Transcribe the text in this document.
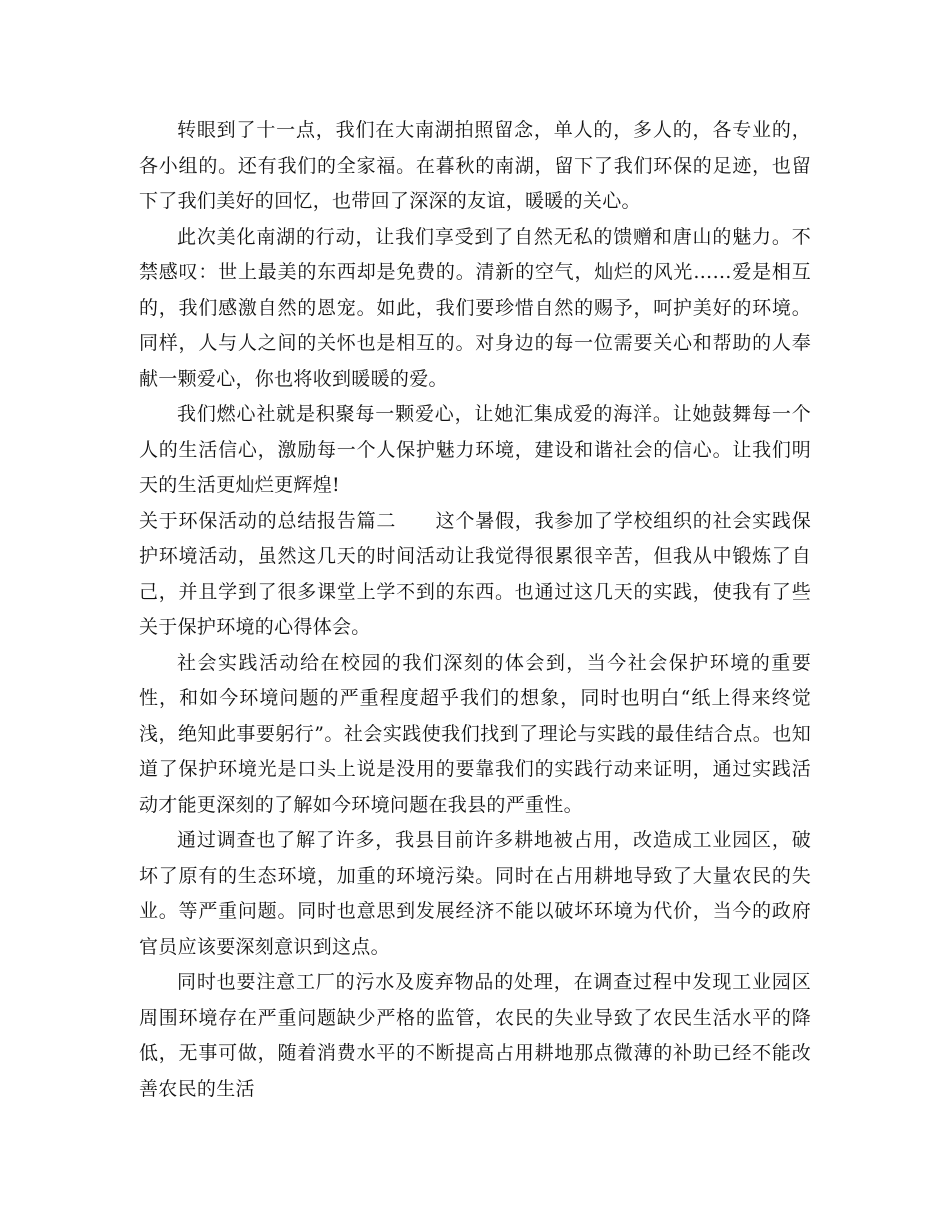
转眼到了十一点，我们在大南湖拍照留念，单人的，多人的，各专业的，各小组的。还有我们的全家福。在暮秋的南湖，留下了我们环保的足迹，也留下了我们美好的回忆，也带回了深深的友谊，暖暖的关心。

此次美化南湖的行动，让我们享受到了自然无私的馈赠和唐山的魅力。不禁感叹：世上最美的东西却是免费的。清新的空气，灿烂的风光……爱是相互的，我们感激自然的恩宠。如此，我们要珍惜自然的赐予，呵护美好的环境。同样，人与人之间的关怀也是相互的。对身边的每一位需要关心和帮助的人奉献一颗爱心，你也将收到暖暖的爱。

我们燃心社就是积聚每一颗爱心，让她汇集成爱的海洋。让她鼓舞每一个人的生活信心，激励每一个人保护魅力环境，建设和谐社会的信心。让我们明天的生活更灿烂更辉煌!

关于环保活动的总结报告篇二　　这个暑假，我参加了学校组织的社会实践保护环境活动，虽然这几天的时间活动让我觉得很累很辛苦，但我从中锻炼了自己，并且学到了很多课堂上学不到的东西。也通过这几天的实践，使我有了些关于保护环境的心得体会。

社会实践活动给在校园的我们深刻的体会到，当今社会保护环境的重要性，和如今环境问题的严重程度超乎我们的想象，同时也明白“纸上得来终觉浅，绝知此事要躬行”。社会实践使我们找到了理论与实践的最佳结合点。也知道了保护环境光是口头上说是没用的要靠我们的实践行动来证明，通过实践活动才能更深刻的了解如今环境问题在我县的严重性。

通过调查也了解了许多，我县目前许多耕地被占用，改造成工业园区，破坏了原有的生态环境，加重的环境污染。同时在占用耕地导致了大量农民的失业。等严重问题。同时也意思到发展经济不能以破坏环境为代价，当今的政府官员应该要深刻意识到这点。

同时也要注意工厂的污水及废弃物品的处理，在调查过程中发现工业园区周围环境存在严重问题缺少严格的监管，农民的失业导致了农民生活水平的降低，无事可做，随着消费水平的不断提高占用耕地那点微薄的补助已经不能改善农民的生活
